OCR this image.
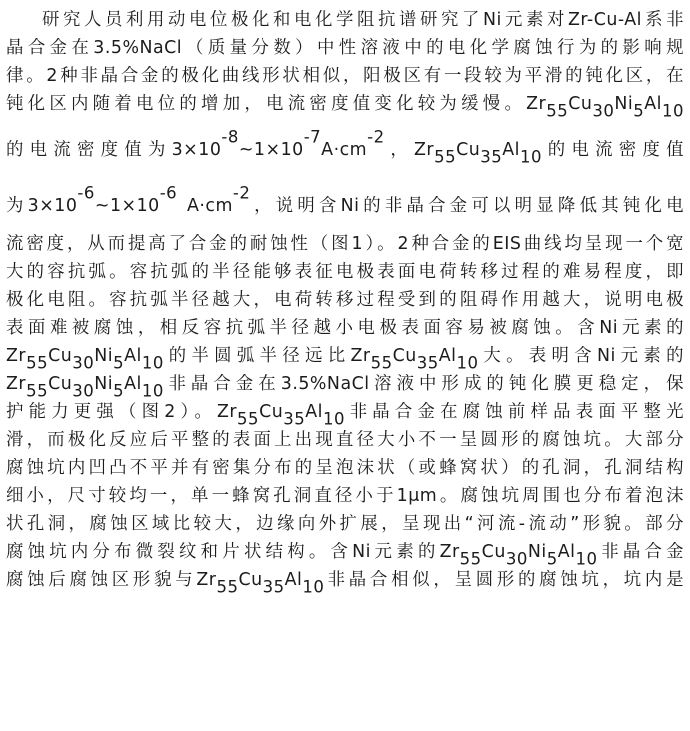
研究人员利用动电位极化和电化学阻抗谱研究了Ni元素对Zr-Cu-Al系非
晶合金在3.5%NaCl（质量分数）中性溶液中的电化学腐蚀行为的影响规
律。2种非晶合金的极化曲线形状相似，阳极区有一段较为平滑的钝化区，在
钝化区内随着电位的增加，电流密度值变化较为缓慢。$Zr_{55}Cu_{30}Ni_5Al_{10}$
的电流密度值为$3\times 10^{-8}\sim 1\times 10^{-7}A\cdot cm^{-2}$，$Zr_{55}Cu_{35}Al_{10}$的电流密度值
为$3\times 10^{-6}\sim 1\times 10^{-6}$ $A\cdot cm^{-2}$，说明含Ni的非晶合金可以明显降低其钝化电
流密度，从而提高了合金的耐蚀性（图1）。2种合金的EIS曲线均呈现一个宽
大的容抗弧。容抗弧的半径能够表征电极表面电荷转移过程的难易程度，即
极化电阻。容抗弧半径越大，电荷转移过程受到的阻碍作用越大，说明电极
表面难被腐蚀，相反容抗弧半径越小电极表面容易被腐蚀。含Ni元素的
$Zr_{55}Cu_{30}Ni_5Al_{10}$的半圆弧半径远比$Zr_{55}Cu_{35}Al_{10}$大。表明含Ni元素的
$Zr_{55}Cu_{30}Ni_5Al_{10}$非晶合金在3.5%NaCl溶液中形成的钝化膜更稳定，保
护能力更强（图2）。$Zr_{55}Cu_{35}Al_{10}$非晶合金在腐蚀前样品表面平整光
滑，而极化反应后平整的表面上出现直径大小不一呈圆形的腐蚀坑。大部分
腐蚀坑内凹凸不平并有密集分布的呈泡沫状（或蜂窝状）的孔洞，孔洞结构
细小，尺寸较均一，单一蜂窝孔洞直径小于1μm。腐蚀坑周围也分布着泡沫
状孔洞，腐蚀区域比较大，边缘向外扩展，呈现出“河流-流动”形貌。部分
腐蚀坑内分布微裂纹和片状结构。含Ni元素的$Zr_{55}Cu_{30}Ni_5Al_{10}$非晶合金
腐蚀后腐蚀区形貌与$Zr_{55}Cu_{35}Al_{10}$非晶合相似，呈圆形的腐蚀坑，坑内是
